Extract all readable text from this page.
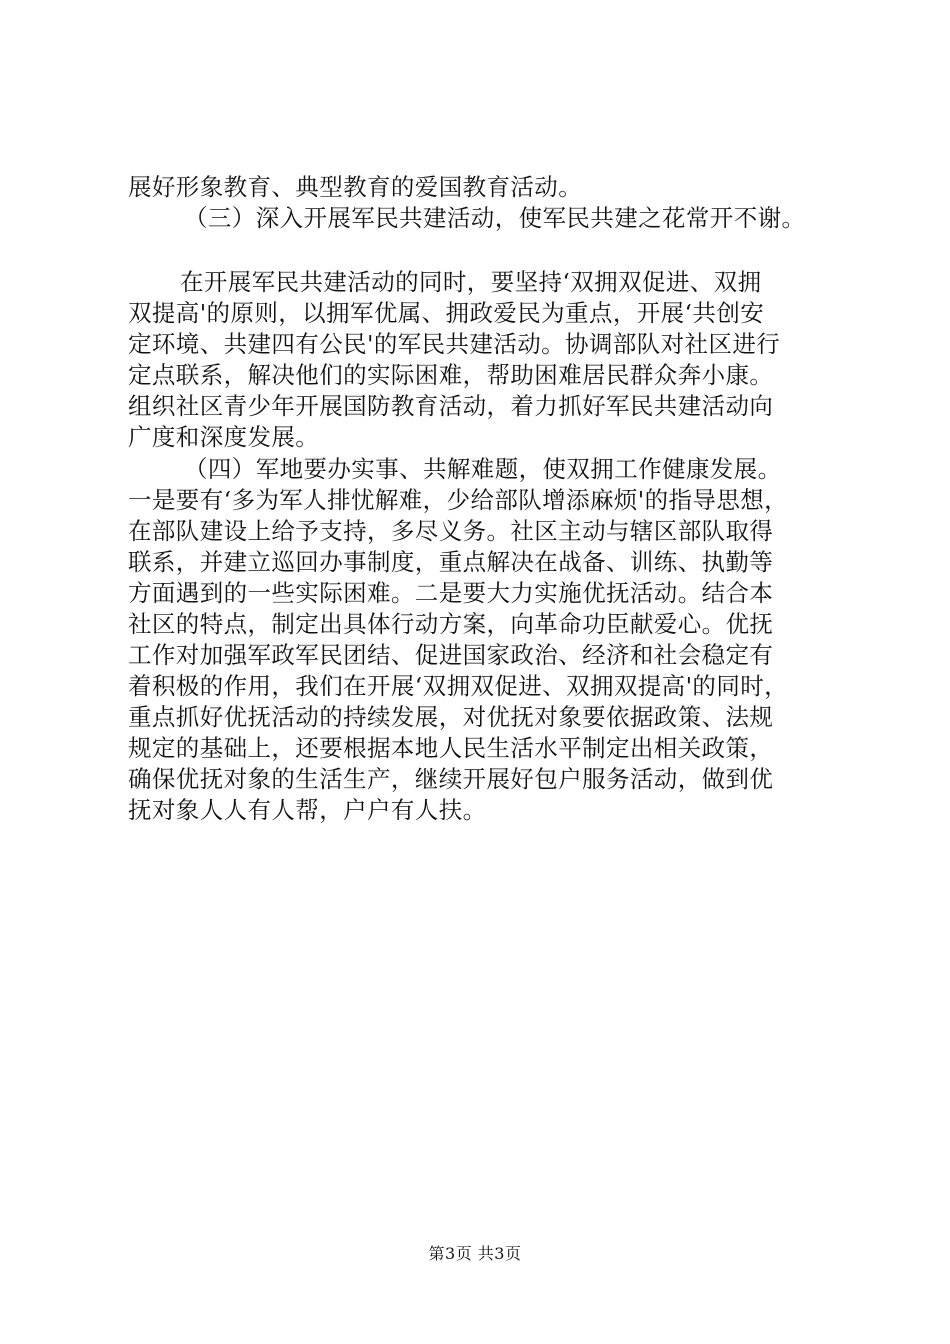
展好形象教育、典型教育的爱国教育活动。
（三）深入开展军民共建活动，使军民共建之花常开不谢。
在开展军民共建活动的同时，要坚持‘双拥双促进、双拥
双提高'的原则，以拥军优属、拥政爱民为重点，开展‘共创安
定环境、共建四有公民'的军民共建活动。协调部队对社区进行
定点联系，解决他们的实际困难，帮助困难居民群众奔小康。
组织社区青少年开展国防教育活动，着力抓好军民共建活动向
广度和深度发展。
（四）军地要办实事、共解难题，使双拥工作健康发展。
一是要有‘多为军人排忧解难，少给部队增添麻烦'的指导思想，
在部队建设上给予支持，多尽义务。社区主动与辖区部队取得
联系，并建立巡回办事制度，重点解决在战备、训练、执勤等
方面遇到的一些实际困难。二是要大力实施优抚活动。结合本
社区的特点，制定出具体行动方案，向革命功臣献爱心。优抚
工作对加强军政军民团结、促进国家政治、经济和社会稳定有
着积极的作用，我们在开展‘双拥双促进、双拥双提高'的同时，
重点抓好优抚活动的持续发展，对优抚对象要依据政策、法规
规定的基础上，还要根据本地人民生活水平制定出相关政策，
确保优抚对象的生活生产，继续开展好包户服务活动，做到优
抚对象人人有人帮，户户有人扶。
第3页 共3页
